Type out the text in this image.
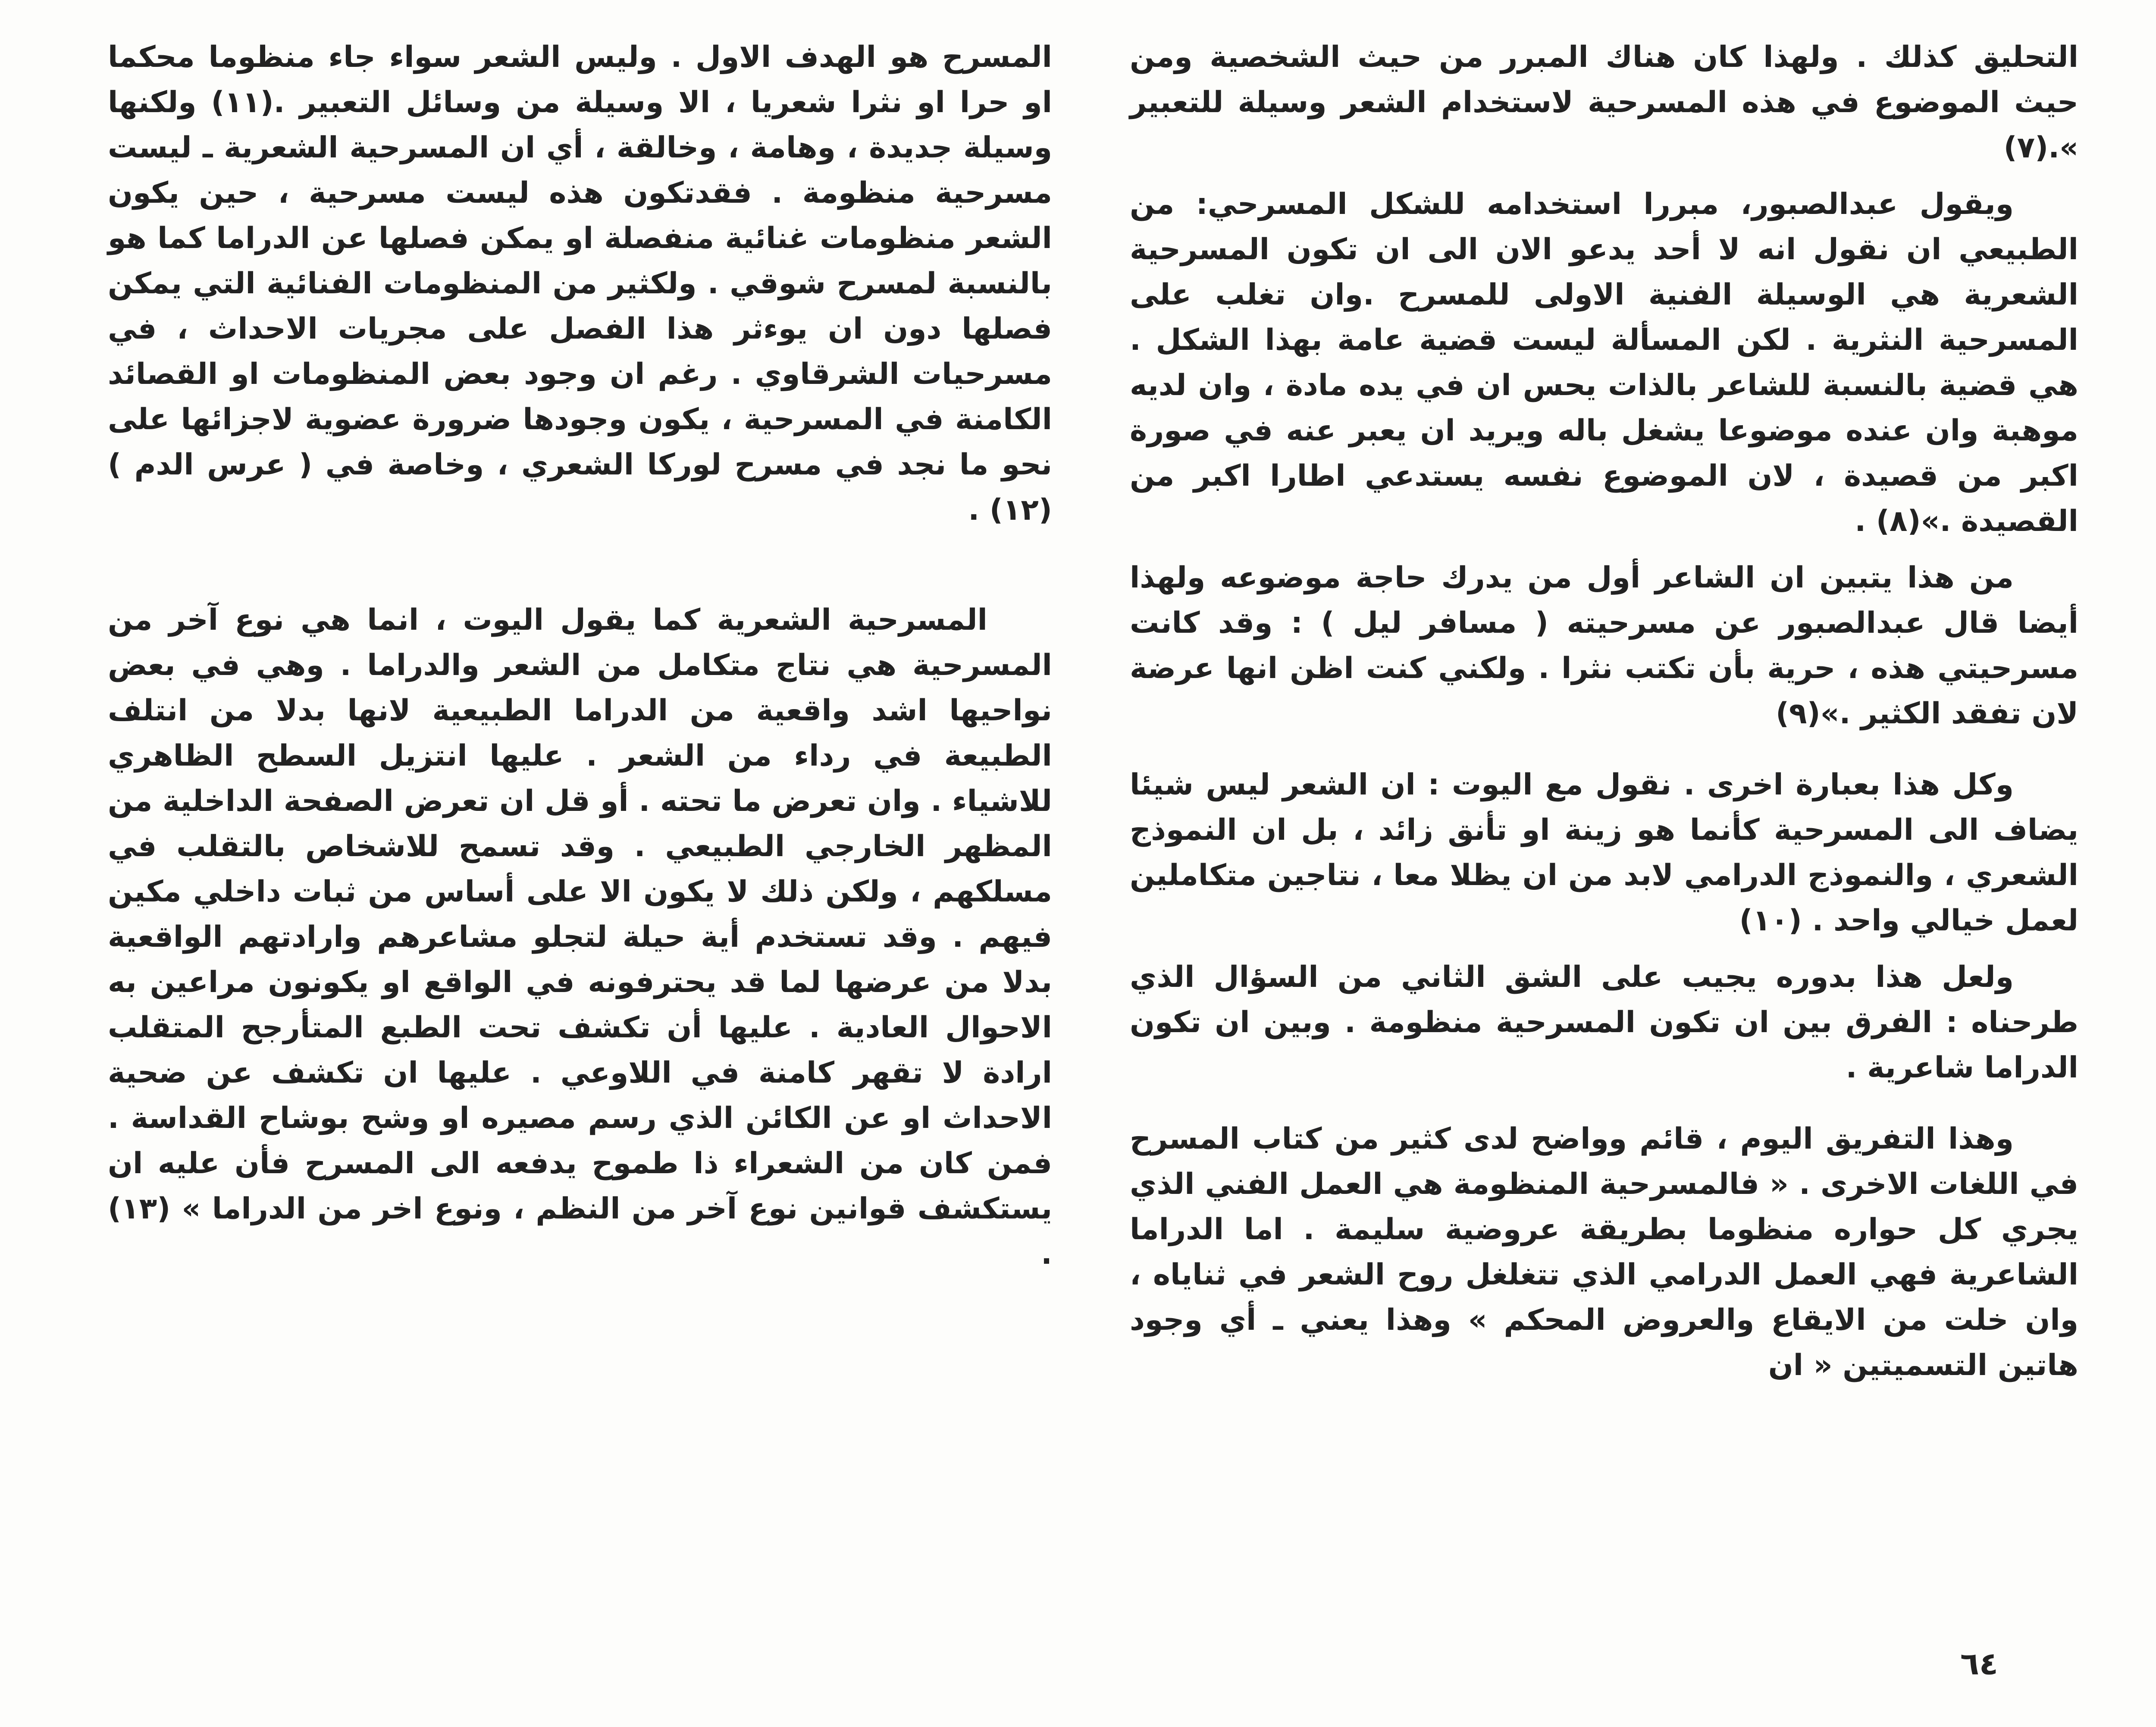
التحليق كذلك . ولهذا كان هناك المبرر من حيث الشخصية ومن حيث الموضوع في هذه المسرحية لاستخدام الشعر وسيلة للتعبير ».(٧)

ويقول عبدالصبور، مبررا استخدامه للشكل المسرحي: من الطبيعي ان نقول انه لا أحد يدعو الان الى ان تكون المسرحية الشعرية هي الوسيلة الفنية الاولى للمسرح .وان تغلب على المسرحية النثرية . لكن المسألة ليست قضية عامة بهذا الشكل . هي قضية بالنسبة للشاعر بالذات يحس ان في يده مادة ، وان لديه موهبة وان عنده موضوعا يشغل باله ويريد ان يعبر عنه في صورة اكبر من قصيدة ، لان الموضوع نفسه يستدعي اطارا اكبر من القصيدة .»(٨) .

من هذا يتبين ان الشاعر أول من يدرك حاجة موضوعه ولهذا أيضا قال عبدالصبور عن مسرحيته ( مسافر ليل ) : وقد كانت مسرحيتي هذه ، حرية بأن تكتب نثرا . ولكني كنت اظن انها عرضة لان تفقد الكثير .»(٩)

وكل هذا بعبارة اخرى . نقول مع اليوت : ان الشعر ليس شيئا يضاف الى المسرحية كأنما هو زينة او تأنق زائد ، بل ان النموذج الشعري ، والنموذج الدرامي لابد من ان يظلا معا ، نتاجين متكاملين لعمل خيالي واحد . (١٠)

ولعل هذا بدوره يجيب على الشق الثاني من السؤال الذي طرحناه : الفرق بين ان تكون المسرحية منظومة . وبين ان تكون الدراما شاعرية .

وهذا التفريق اليوم ، قائم وواضح لدى كثير من كتاب المسرح في اللغات الاخرى . « فالمسرحية المنظومة هي العمل الفني الذي يجري كل حواره منظوما بطريقة عروضية سليمة . اما الدراما الشاعرية فهي العمل الدرامي الذي تتغلغل روح الشعر في ثناياه ، وان خلت من الايقاع والعروض المحكم » وهذا يعني ـ أي وجود هاتين التسميتين « ان

المسرح هو الهدف الاول . وليس الشعر سواء جاء منظوما محكما او حرا او نثرا شعريا ، الا وسيلة من وسائل التعبير .(١١) ولكنها وسيلة جديدة ، وهامة ، وخالقة ، أي ان المسرحية الشعرية ـ ليست مسرحية منظومة . فقدتكون هذه ليست مسرحية ، حين يكون الشعر منظومات غنائية منفصلة او يمكن فصلها عن الدراما كما هو بالنسبة لمسرح شوقي . ولكثير من المنظومات الفنائية التي يمكن فصلها دون ان يوءثر هذا الفصل على مجريات الاحداث ، في مسرحيات الشرقاوي . رغم ان وجود بعض المنظومات او القصائد الكامنة في المسرحية ، يكون وجودها ضرورة عضوية لاجزائها على نحو ما نجد في مسرح لوركا الشعري ، وخاصة في ( عرس الدم )(١٢) .

المسرحية الشعرية كما يقول اليوت ، انما هي نوع آخر من المسرحية هي نتاج متكامل من الشعر والدراما . وهي في بعض نواحيها اشد واقعية من الدراما الطبيعية لانها بدلا من انتلف الطبيعة في رداء من الشعر . عليها انتزيل السطح الظاهري للاشياء . وان تعرض ما تحته . أو قل ان تعرض الصفحة الداخلية من المظهر الخارجي الطبيعي . وقد تسمح للاشخاص بالتقلب في مسلكهم ، ولكن ذلك لا يكون الا على أساس من ثبات داخلي مكين فيهم . وقد تستخدم أية حيلة لتجلو مشاعرهم وارادتهم الواقعية بدلا من عرضها لما قد يحترفونه في الواقع او يكونون مراعين به الاحوال العادية . عليها أن تكشف تحت الطبع المتأرجح المتقلب ارادة لا تقهر كامنة في اللاوعي . عليها ان تكشف عن ضحية الاحداث او عن الكائن الذي رسم مصيره او وشح بوشاح القداسة . فمن كان من الشعراء ذا طموح يدفعه الى المسرح فأن عليه ان يستكشف قوانين نوع آخر من النظم ، ونوع اخر من الدراما » (١٣) .

٦٤
